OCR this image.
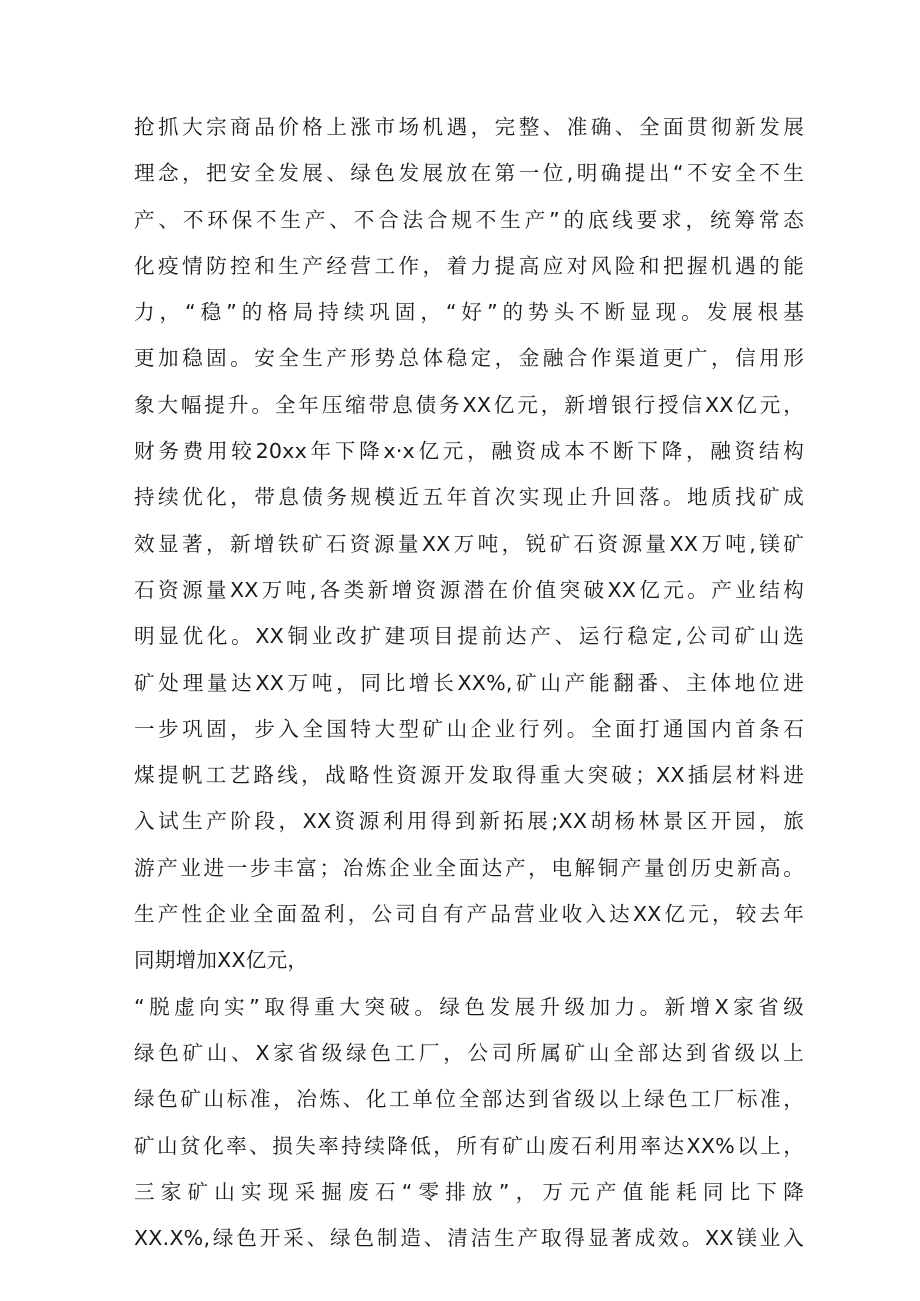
抢抓大宗商品价格上涨市场机遇，完整、准确、全面贯彻新发展
理念，把安全发展、绿色发展放在第一位,明确提出“不安全不生
产、不环保不生产、不合法合规不生产”的底线要求，统筹常态
化疫情防控和生产经营工作，着力提高应对风险和把握机遇的能
力，“稳”的格局持续巩固，“好”的势头不断显现。发展根基
更加稳固。安全生产形势总体稳定，金融合作渠道更广，信用形
象大幅提升。全年压缩带息债务XX亿元，新增银行授信XX亿元，
财务费用较20xx年下降x·x亿元，融资成本不断下降，融资结构
持续优化，带息债务规模近五年首次实现止升回落。地质找矿成
效显著，新增铁矿石资源量XX万吨，锐矿石资源量XX万吨,镁矿
石资源量XX万吨,各类新增资源潜在价值突破XX亿元。产业结构
明显优化。XX铜业改扩建项目提前达产、运行稳定,公司矿山选
矿处理量达XX万吨，同比增长XX%,矿山产能翻番、主体地位进
一步巩固，步入全国特大型矿山企业行列。全面打通国内首条石
煤提帆工艺路线，战略性资源开发取得重大突破；XX插层材料进
入试生产阶段，XX资源利用得到新拓展;XX胡杨林景区开园，旅
游产业进一步丰富；冶炼企业全面达产，电解铜产量创历史新高。
生产性企业全面盈利，公司自有产品营业收入达XX亿元，较去年
同期增加XX亿元，
“脱虚向实”取得重大突破。绿色发展升级加力。新增X家省级
绿色矿山、X家省级绿色工厂，公司所属矿山全部达到省级以上
绿色矿山标准，冶炼、化工单位全部达到省级以上绿色工厂标准，
矿山贫化率、损失率持续降低，所有矿山废石利用率达XX%以上，
三家矿山实现采掘废石“零排放”，万元产值能耗同比下降
XX.X%,绿色开采、绿色制造、清洁生产取得显著成效。XX镁业入
